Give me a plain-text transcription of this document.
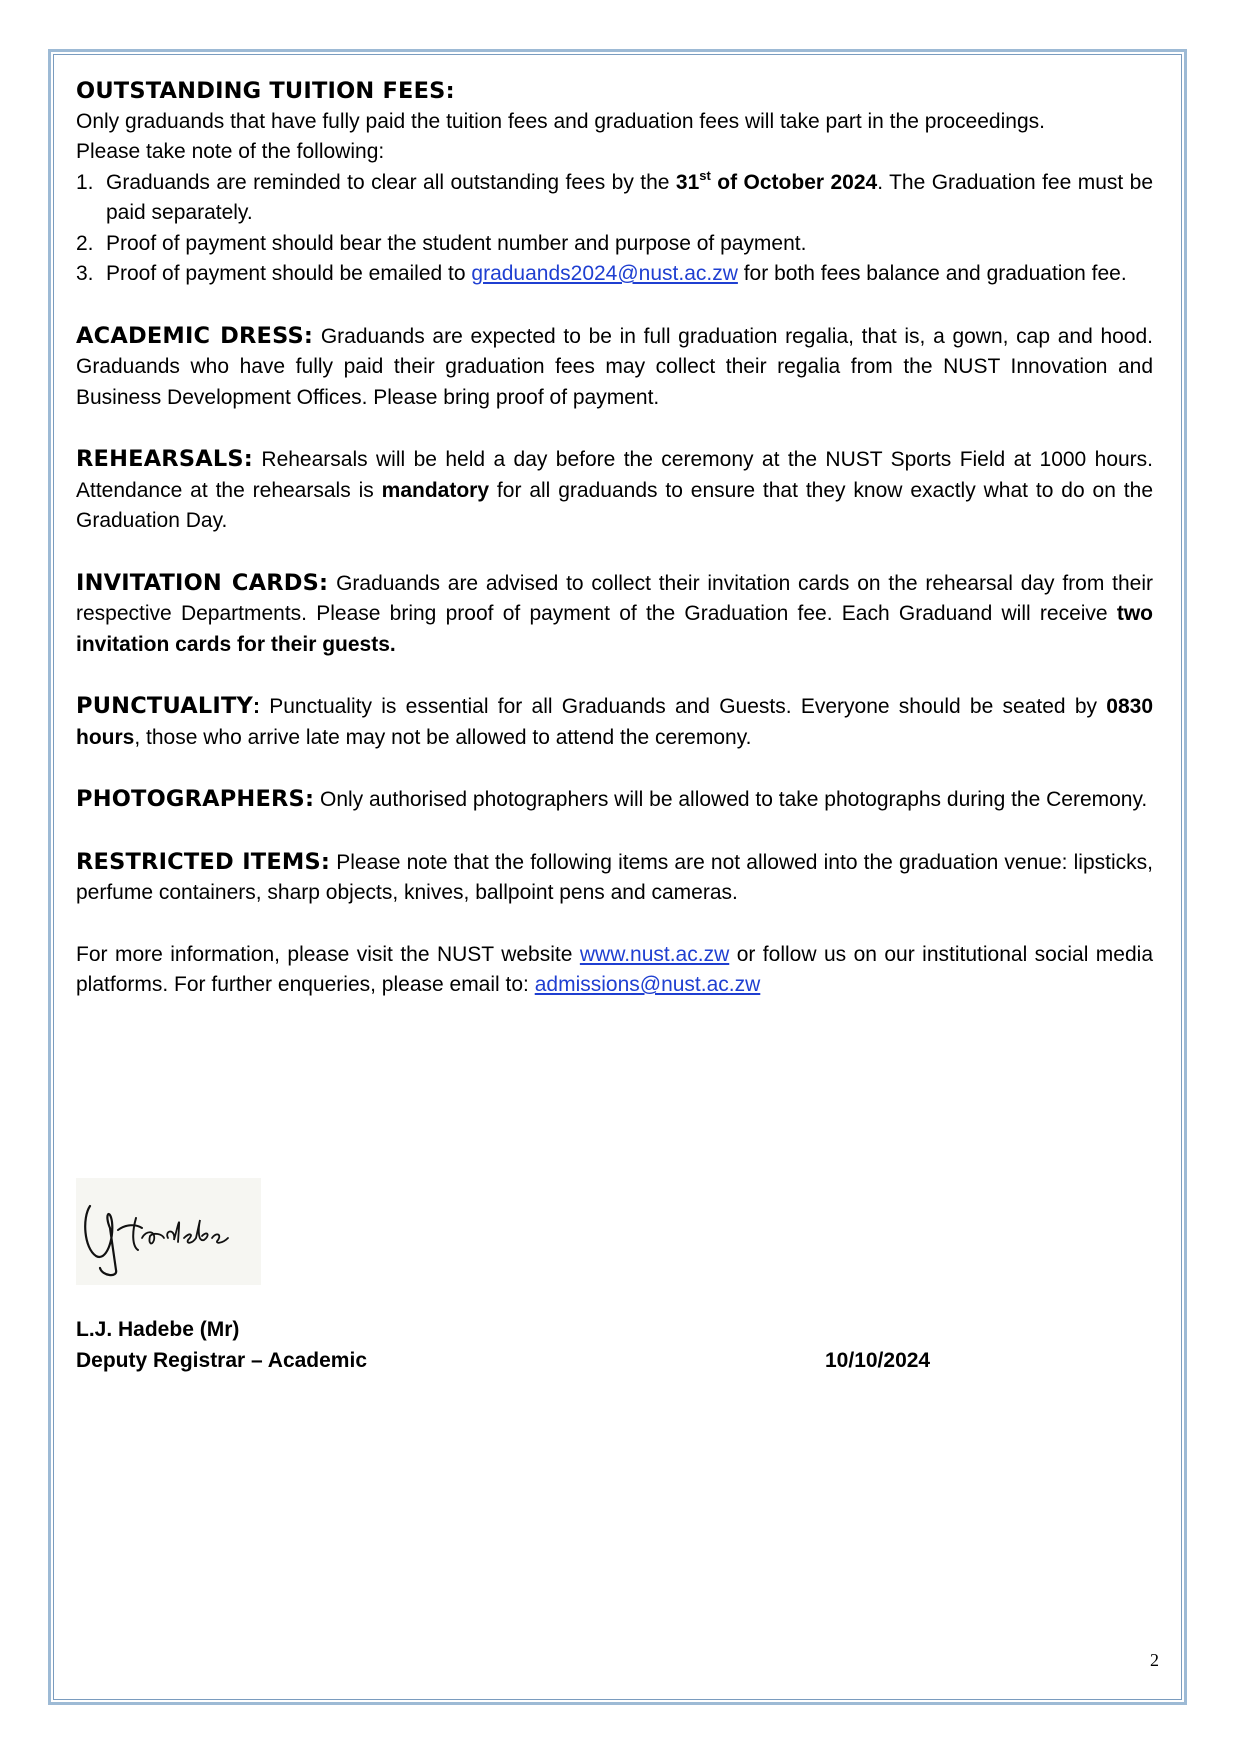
OUTSTANDING TUITION FEES:

Only graduands that have fully paid the tuition fees and graduation fees will take part in the proceedings.

Please take note of the following:

1. Graduands are reminded to clear all outstanding fees by the 31st of October 2024. The Graduation fee must be paid separately.
2. Proof of payment should bear the student number and purpose of payment.
3. Proof of payment should be emailed to graduands2024@nust.ac.zw for both fees balance and graduation fee.

ACADEMIC DRESS: Graduands are expected to be in full graduation regalia, that is, a gown, cap and hood. Graduands who have fully paid their graduation fees may collect their regalia from the NUST Innovation and Business Development Offices. Please bring proof of payment.

REHEARSALS: Rehearsals will be held a day before the ceremony at the NUST Sports Field at 1000 hours. Attendance at the rehearsals is mandatory for all graduands to ensure that they know exactly what to do on the Graduation Day.

INVITATION CARDS: Graduands are advised to collect their invitation cards on the rehearsal day from their respective Departments. Please bring proof of payment of the Graduation fee. Each Graduand will receive two invitation cards for their guests.

PUNCTUALITY: Punctuality is essential for all Graduands and Guests. Everyone should be seated by 0830 hours, those who arrive late may not be allowed to attend the ceremony.

PHOTOGRAPHERS: Only authorised photographers will be allowed to take photographs during the Ceremony.

RESTRICTED ITEMS: Please note that the following items are not allowed into the graduation venue: lipsticks, perfume containers, sharp objects, knives, ballpoint pens and cameras.

For more information, please visit the NUST website www.nust.ac.zw or follow us on our institutional social media platforms. For further enqueries, please email to: admissions@nust.ac.zw

L.J. Hadebe (Mr)
Deputy Registrar – Academic	10/10/2024
2
